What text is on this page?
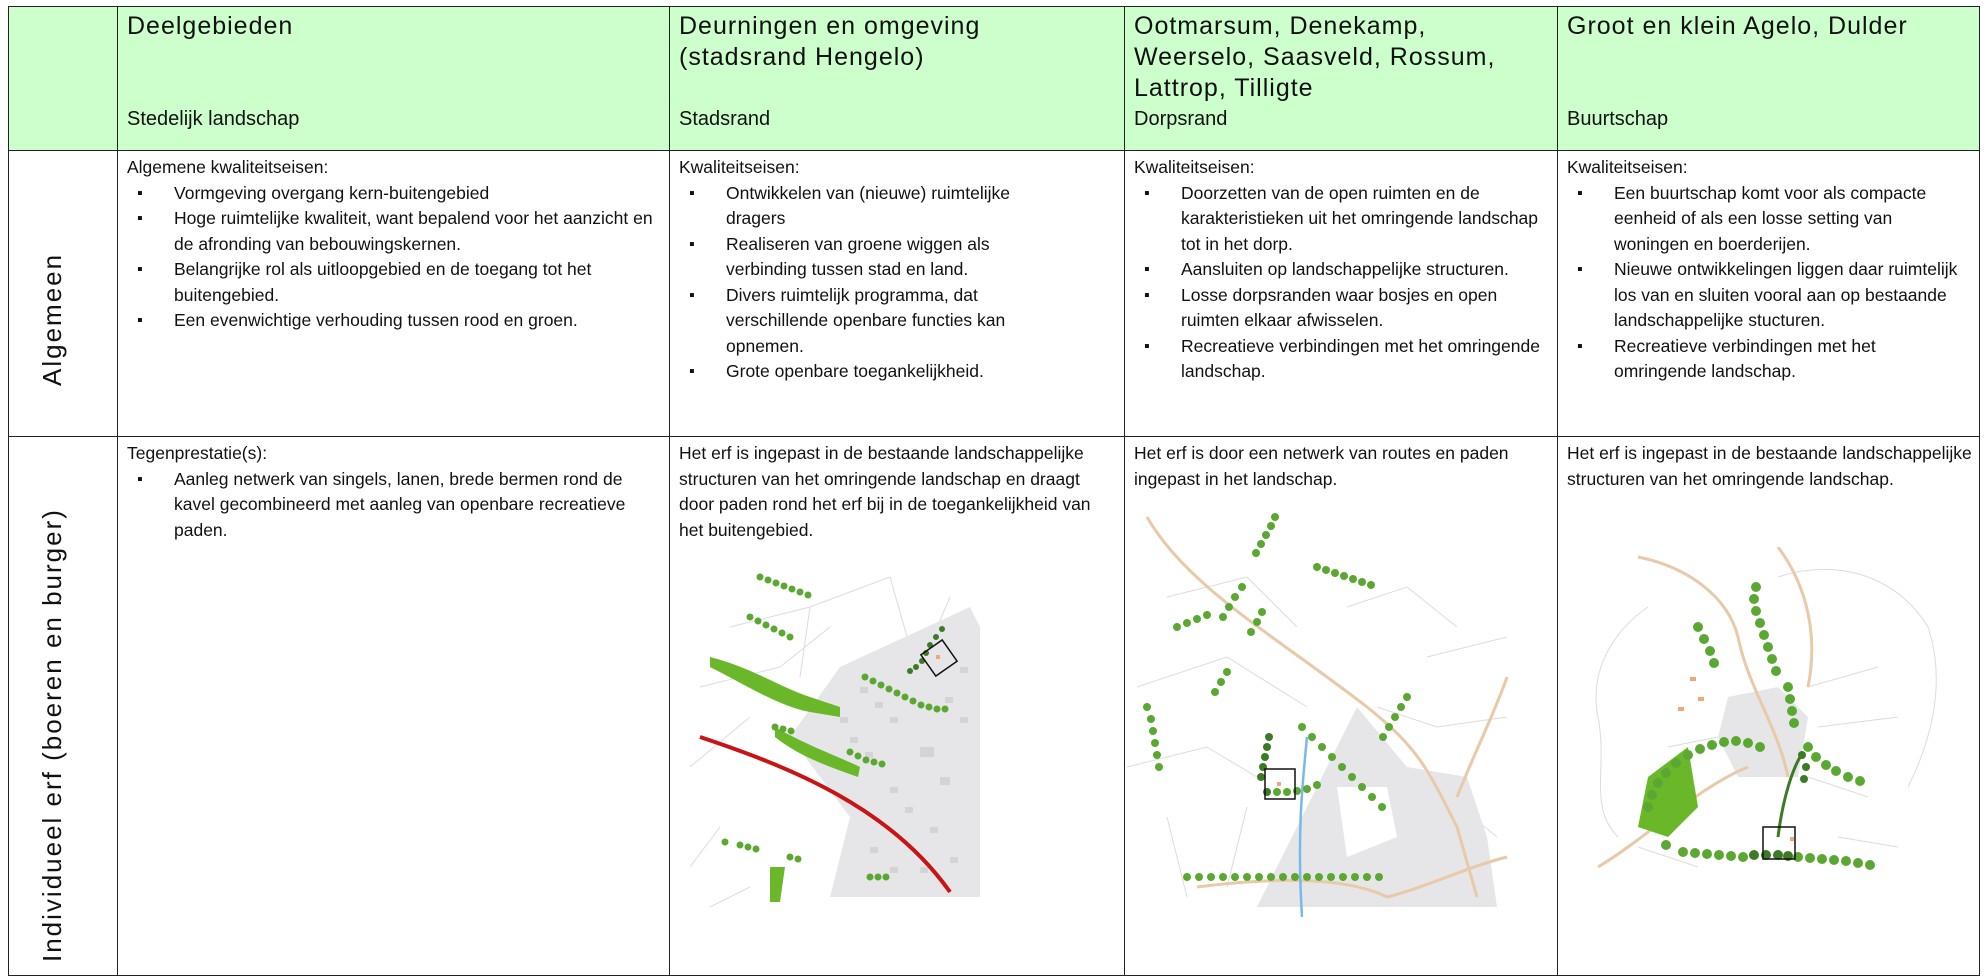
Deelgebieden
Stedelijk landschap
Deurningen en omgeving (stadsrand Hengelo)
Stadsrand
Ootmarsum, Denekamp, Weerselo, Saasveld, Rossum, Lattrop, Tilligte
Dorpsrand
Groot en klein Agelo, Dulder
Buurtschap
Algemeen

Algemene kwaliteitseisen:

▪ Vormgeving overgang kern-buitengebied
▪ Hoge ruimtelijke kwaliteit, want bepalend voor het aanzicht en de afronding van bebouwingskernen.
▪ Belangrijke rol als uitloopgebied en de toegang tot het buitengebied.
▪ Een evenwichtige verhouding tussen rood en groen.

Kwaliteitseisen:

▪ Ontwikkelen van (nieuwe) ruimtelijke dragers
▪ Realiseren van groene wiggen als verbinding tussen stad en land.
▪ Divers ruimtelijk programma, dat verschillende openbare functies kan opnemen.
▪ Grote openbare toegankelijkheid.

Kwaliteitseisen:

▪ Doorzetten van de open ruimten en de karakteristieken uit het omringende landschap tot in het dorp.
▪ Aansluiten op landschappelijke structuren.
▪ Losse dorpsranden waar bosjes en open ruimten elkaar afwisselen.
▪ Recreatieve verbindingen met het omringende landschap.

Kwaliteitseisen:

▪ Een buurtschap komt voor als compacte eenheid of als een losse setting van woningen en boerderijen.
▪ Nieuwe ontwikkelingen liggen daar ruimtelijk los van en sluiten vooral aan op bestaande landschappelijke stucturen.
▪ Recreatieve verbindingen met het omringende landschap.
Individueel erf (boeren en burger)

Tegenprestatie(s):

▪ Aanleg netwerk van singels, lanen, brede bermen rond de kavel gecombineerd met aanleg van openbare recreatieve paden.
Het erf is ingepast in de bestaande landschappelijke structuren van het omringende landschap en draagt door paden rond het erf bij in de toegankelijkheid van het buitengebied.
Het erf is door een netwerk van routes en paden ingepast in het landschap.
Het erf is ingepast in de bestaande landschappelijke structuren van het omringende landschap.
